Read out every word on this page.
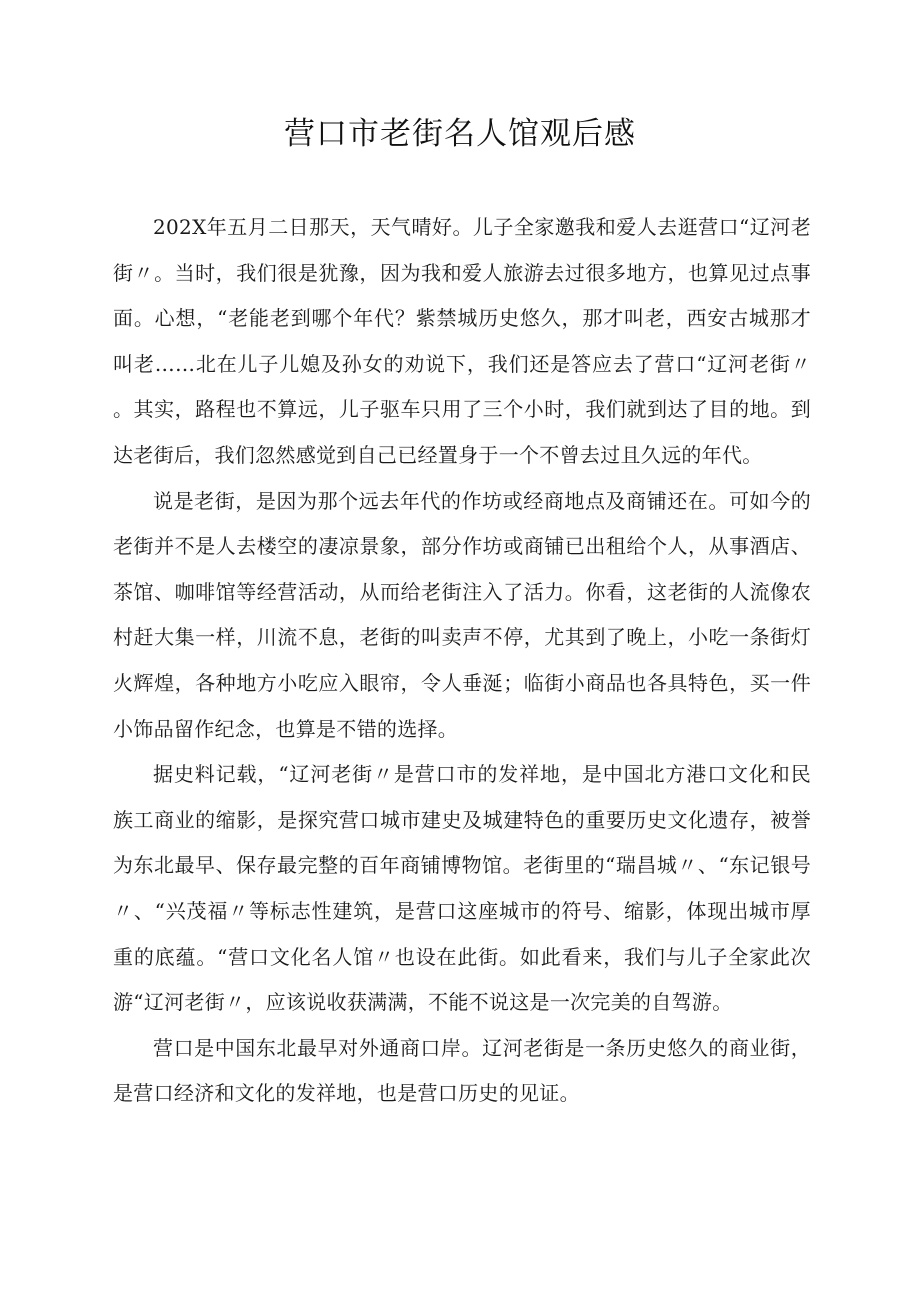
营口市老街名人馆观后感

202X年五月二日那天，天气晴好。儿子全家邀我和爱人去逛营口“辽河老街〃。当时，我们很是犹豫，因为我和爱人旅游去过很多地方，也算见过点事面。心想，“老能老到哪个年代？紫禁城历史悠久，那才叫老，西安古城那才叫老……北在儿子儿媳及孙女的劝说下，我们还是答应去了营口“辽河老街〃。其实，路程也不算远，儿子驱车只用了三个小时，我们就到达了目的地。到达老街后，我们忽然感觉到自己已经置身于一个不曾去过且久远的年代。

说是老街，是因为那个远去年代的作坊或经商地点及商铺还在。可如今的老街并不是人去楼空的凄凉景象，部分作坊或商铺已出租给个人，从事酒店、茶馆、咖啡馆等经营活动，从而给老街注入了活力。你看，这老街的人流像农村赶大集一样，川流不息，老街的叫卖声不停，尤其到了晚上，小吃一条街灯火辉煌，各种地方小吃应入眼帘，令人垂涎；临街小商品也各具特色，买一件小饰品留作纪念，也算是不错的选择。

据史料记载，“辽河老街〃是营口市的发祥地，是中国北方港口文化和民族工商业的缩影，是探究营口城市建史及城建特色的重要历史文化遗存，被誉为东北最早、保存最完整的百年商铺博物馆。老街里的“瑞昌城〃、“东记银号〃、“兴茂福〃等标志性建筑，是营口这座城市的符号、缩影，体现出城市厚重的底蕴。“营口文化名人馆〃也设在此街。如此看来，我们与儿子全家此次游“辽河老街〃，应该说收获满满，不能不说这是一次完美的自驾游。

营口是中国东北最早对外通商口岸。辽河老街是一条历史悠久的商业街，是营口经济和文化的发祥地，也是营口历史的见证。
